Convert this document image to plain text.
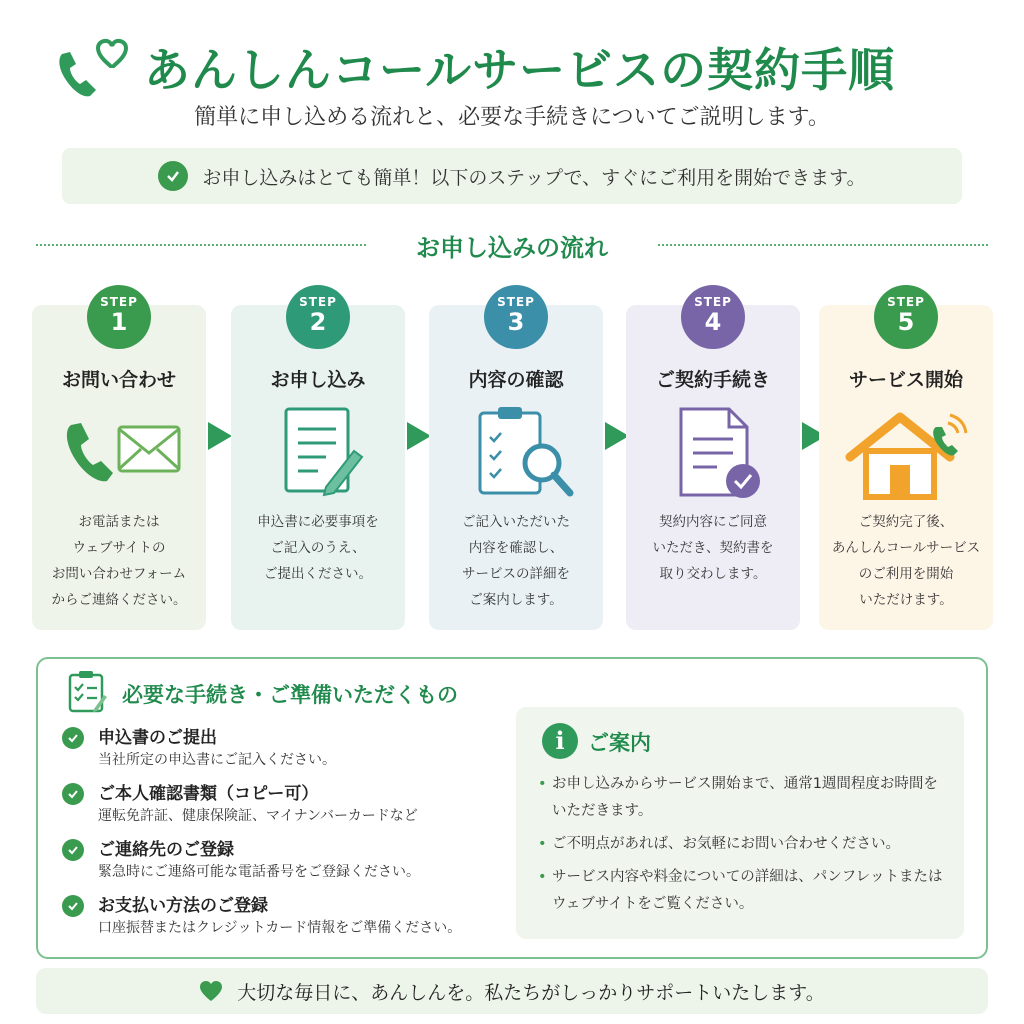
あんしんコールサービスの契約手順
簡単に申し込める流れと、必要な手続きについてご説明します。
お申し込みはとても簡単！以下のステップで、すぐにご利用を開始できます。
お申し込みの流れ
STEP
1
お問い合わせ
お電話または
ウェブサイトの
お問い合わせフォーム
からご連絡ください。
STEP
2
お申し込み
申込書に必要事項を
ご記入のうえ、
ご提出ください。
STEP
3
内容の確認
ご記入いただいた
内容を確認し、
サービスの詳細を
ご案内します。
STEP
4
ご契約手続き
契約内容にご同意
いただき、契約書を
取り交わします。
STEP
5
サービス開始
ご契約完了後、
あんしんコールサービス
のご利用を開始
いただけます。
必要な手続き・ご準備いただくもの
申込書のご提出
当社所定の申込書にご記入ください。
ご本人確認書類（コピー可）
運転免許証、健康保険証、マイナンバーカードなど
ご連絡先のご登録
緊急時にご連絡可能な電話番号をご登録ください。
お支払い方法のご登録
口座振替またはクレジットカード情報をご準備ください。
i	ご案内
• お申し込みからサービス開始まで、通常1週間程度お時間をいただきます。
• ご不明点があれば、お気軽にお問い合わせください。
• サービス内容や料金についての詳細は、パンフレットまたはウェブサイトをご覧ください。
大切な毎日に、あんしんを。私たちがしっかりサポートいたします。
